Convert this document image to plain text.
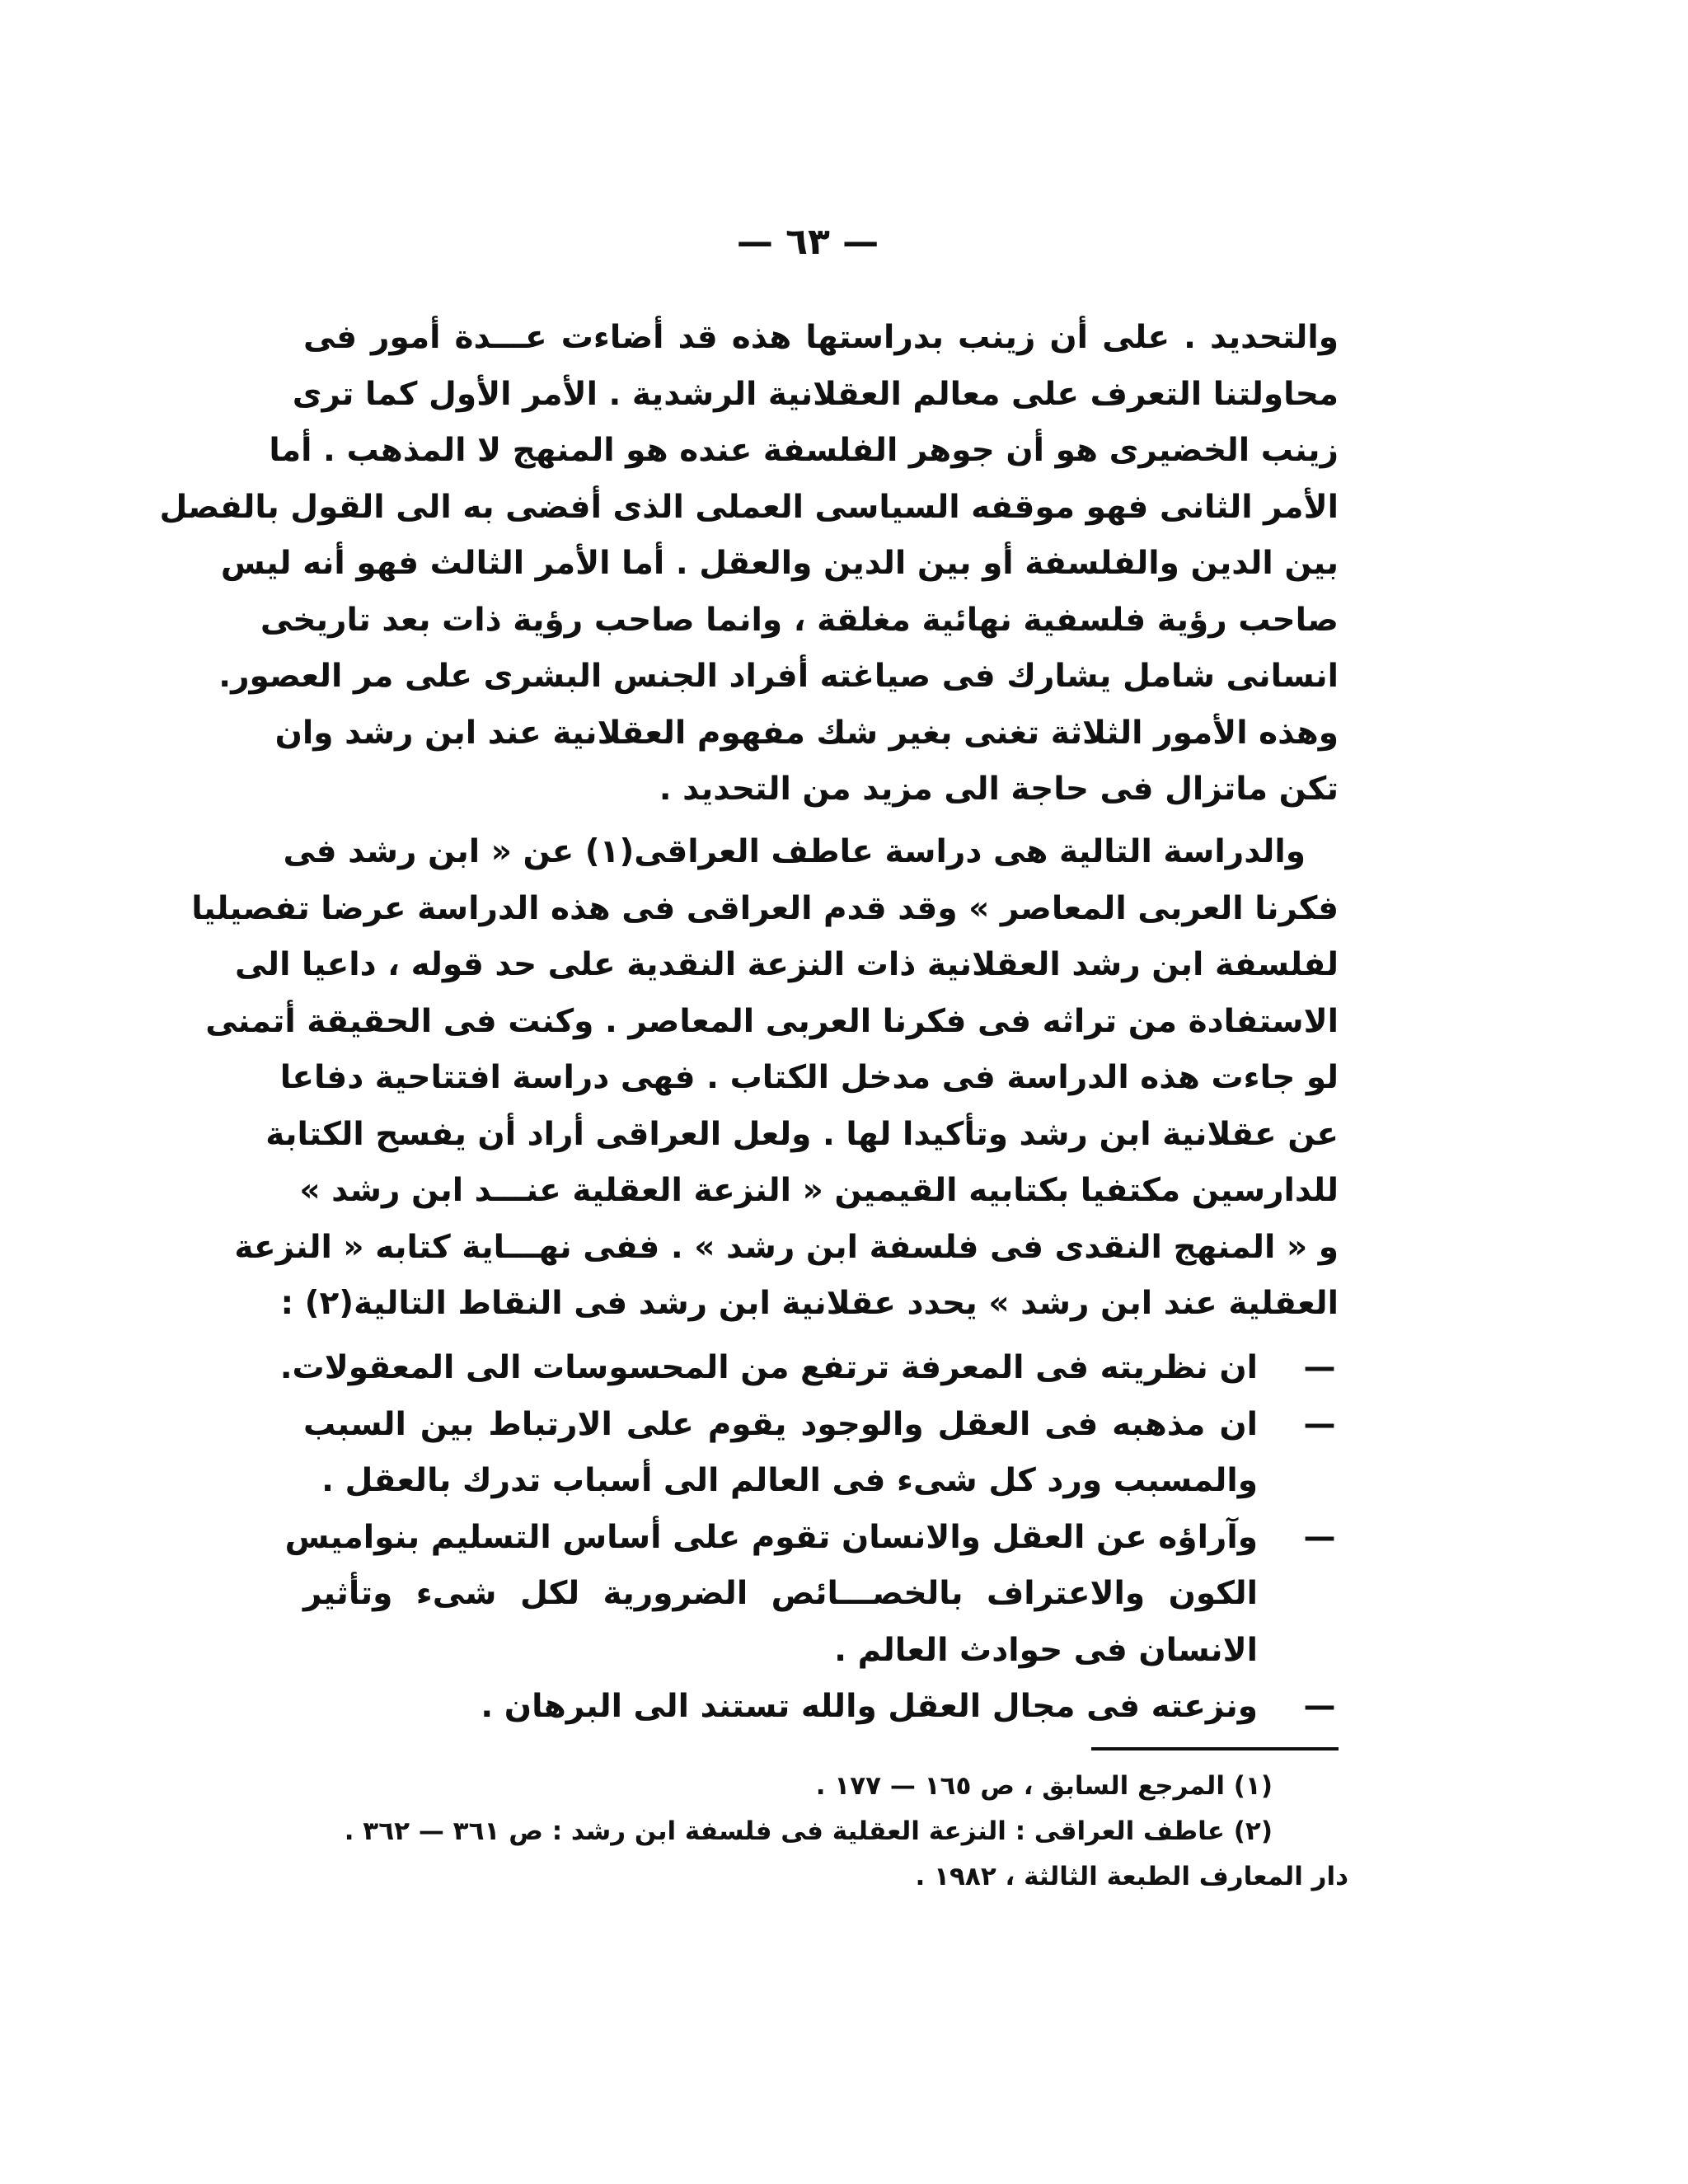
— ٦٣ —
والتحديد . على أن زينب بدراستها هذه قد أضاءت عـــدة أمور فى
محاولتنا التعرف على معالم العقلانية الرشدية . الأمر الأول كما ترى
زينب الخضيرى هو أن جوهر الفلسفة عنده هو المنهج لا المذهب . أما
الأمر الثانى فهو موقفه السياسى العملى الذى أفضى به الى القول بالفصل
بين الدين والفلسفة أو بين الدين والعقل . أما الأمر الثالث فهو أنه ليس
صاحب رؤية فلسفية نهائية مغلقة ، وانما صاحب رؤية ذات بعد تاريخى
انسانى شامل يشارك فى صياغته أفراد الجنس البشرى على مر العصور.
وهذه الأمور الثلاثة تغنى بغير شك مفهوم العقلانية عند ابن رشد وان
تكن ماتزال فى حاجة الى مزيد من التحديد .
والدراسة التالية هى دراسة عاطف العراقى(١) عن « ابن رشد فى
فكرنا العربى المعاصر » وقد قدم العراقى فى هذه الدراسة عرضا تفصيليا
لفلسفة ابن رشد العقلانية ذات النزعة النقدية على حد قوله ، داعيا الى
الاستفادة من تراثه فى فكرنا العربى المعاصر . وكنت فى الحقيقة أتمنى
لو جاءت هذه الدراسة فى مدخل الكتاب . فهى دراسة افتتاحية دفاعا
عن عقلانية ابن رشد وتأكيدا لها . ولعل العراقى أراد أن يفسح الكتابة
للدارسين مكتفيا بكتابيه القيمين « النزعة العقلية عنـــد ابن رشد »
و « المنهج النقدى فى فلسفة ابن رشد » . ففى نهـــاية كتابه « النزعة
العقلية عند ابن رشد » يحدد عقلانية ابن رشد فى النقاط التالية(٢) :
—
ان نظريته فى المعرفة ترتفع من المحسوسات الى المعقولات.
—
ان مذهبه فى العقل والوجود يقوم على الارتباط بين السبب
والمسبب ورد كل شىء فى العالم الى أسباب تدرك بالعقل .
—
وآراؤه عن العقل والانسان تقوم على أساس التسليم بنواميس
الكون والاعتراف بالخصـــائص الضرورية لكل شىء وتأثير
الانسان فى حوادث العالم .
—
ونزعته فى مجال العقل والله تستند الى البرهان .
(١) المرجع السابق ، ص ١٦٥ — ١٧٧ .
(٢) عاطف العراقى : النزعة العقلية فى فلسفة ابن رشد : ص ٣٦١ — ٣٦٢ .
دار المعارف الطبعة الثالثة ، ١٩٨٢ .
